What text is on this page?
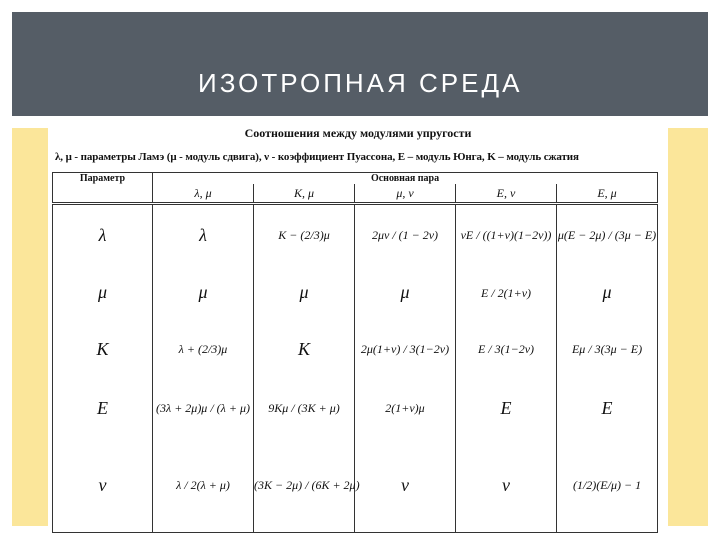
ИЗОТРОПНАЯ СРЕДА
Соотношения между модулями упругости
λ, μ - параметры Ламэ (μ - модуль сдвига), ν - коэффициент Пуассона, E – модуль Юнга, K – модуль сжатия
Параметр	Основная пара				
	λ, μ	K, μ	μ, ν	E, ν	E, μ
λ	λ	K − (2/3)μ	2μν / (1 − 2ν)	νE / ((1+ν)(1−2ν))	μ(E − 2μ) / (3μ − E)
μ	μ	μ	μ	E / 2(1+ν)	μ
K	λ + (2/3)μ	K	2μ(1+ν) / 3(1−2ν)	E / 3(1−2ν)	Eμ / 3(3μ − E)
E	(3λ + 2μ)μ / (λ + μ)	9Kμ / (3K + μ)	2(1+ν)μ	E	E
ν	λ / 2(λ + μ)	(3K − 2μ) / (6K + 2μ)	ν	ν	(1/2)(E/μ) − 1
